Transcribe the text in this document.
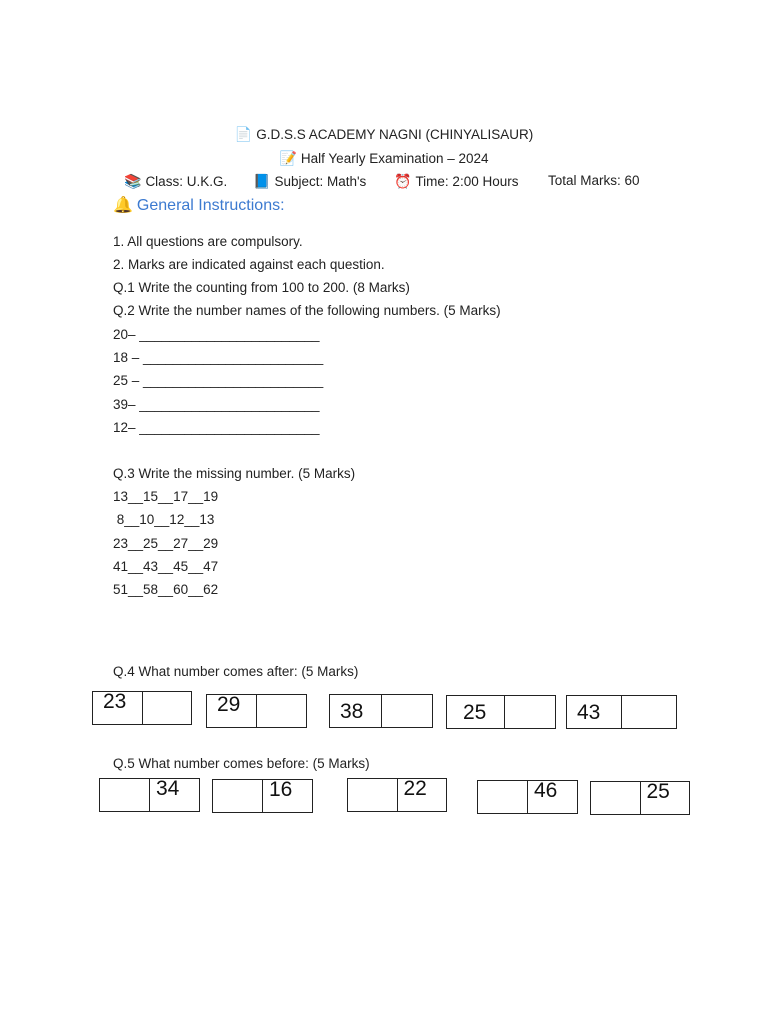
📄 G.D.S.S ACADEMY NAGNI (CHINYALISAUR)
📝 Half Yearly Examination – 2024
📚 Class: U.K.G. 📘 Subject: Math's ⏰ Time: 2:00 Hours Total Marks: 60
🔔 General Instructions:
1. All questions are compulsory.
2. Marks are indicated against each question.
Q.1 Write the counting from 100 to 200. (8 Marks)
Q.2 Write the number names of the following numbers. (5 Marks)
20– ________________________
18 – ________________________
25 – ________________________
39– ________________________
12– ________________________
Q.3 Write the missing number. (5 Marks)
13__15__17__19
8__10__12__13
23__25__27__29
41__43__45__47
51__58__60__62
Q.4 What number comes after: (5 Marks)
23	29	38	25	43
Q.5 What number comes before: (5 Marks)
34	16	22	46	25
